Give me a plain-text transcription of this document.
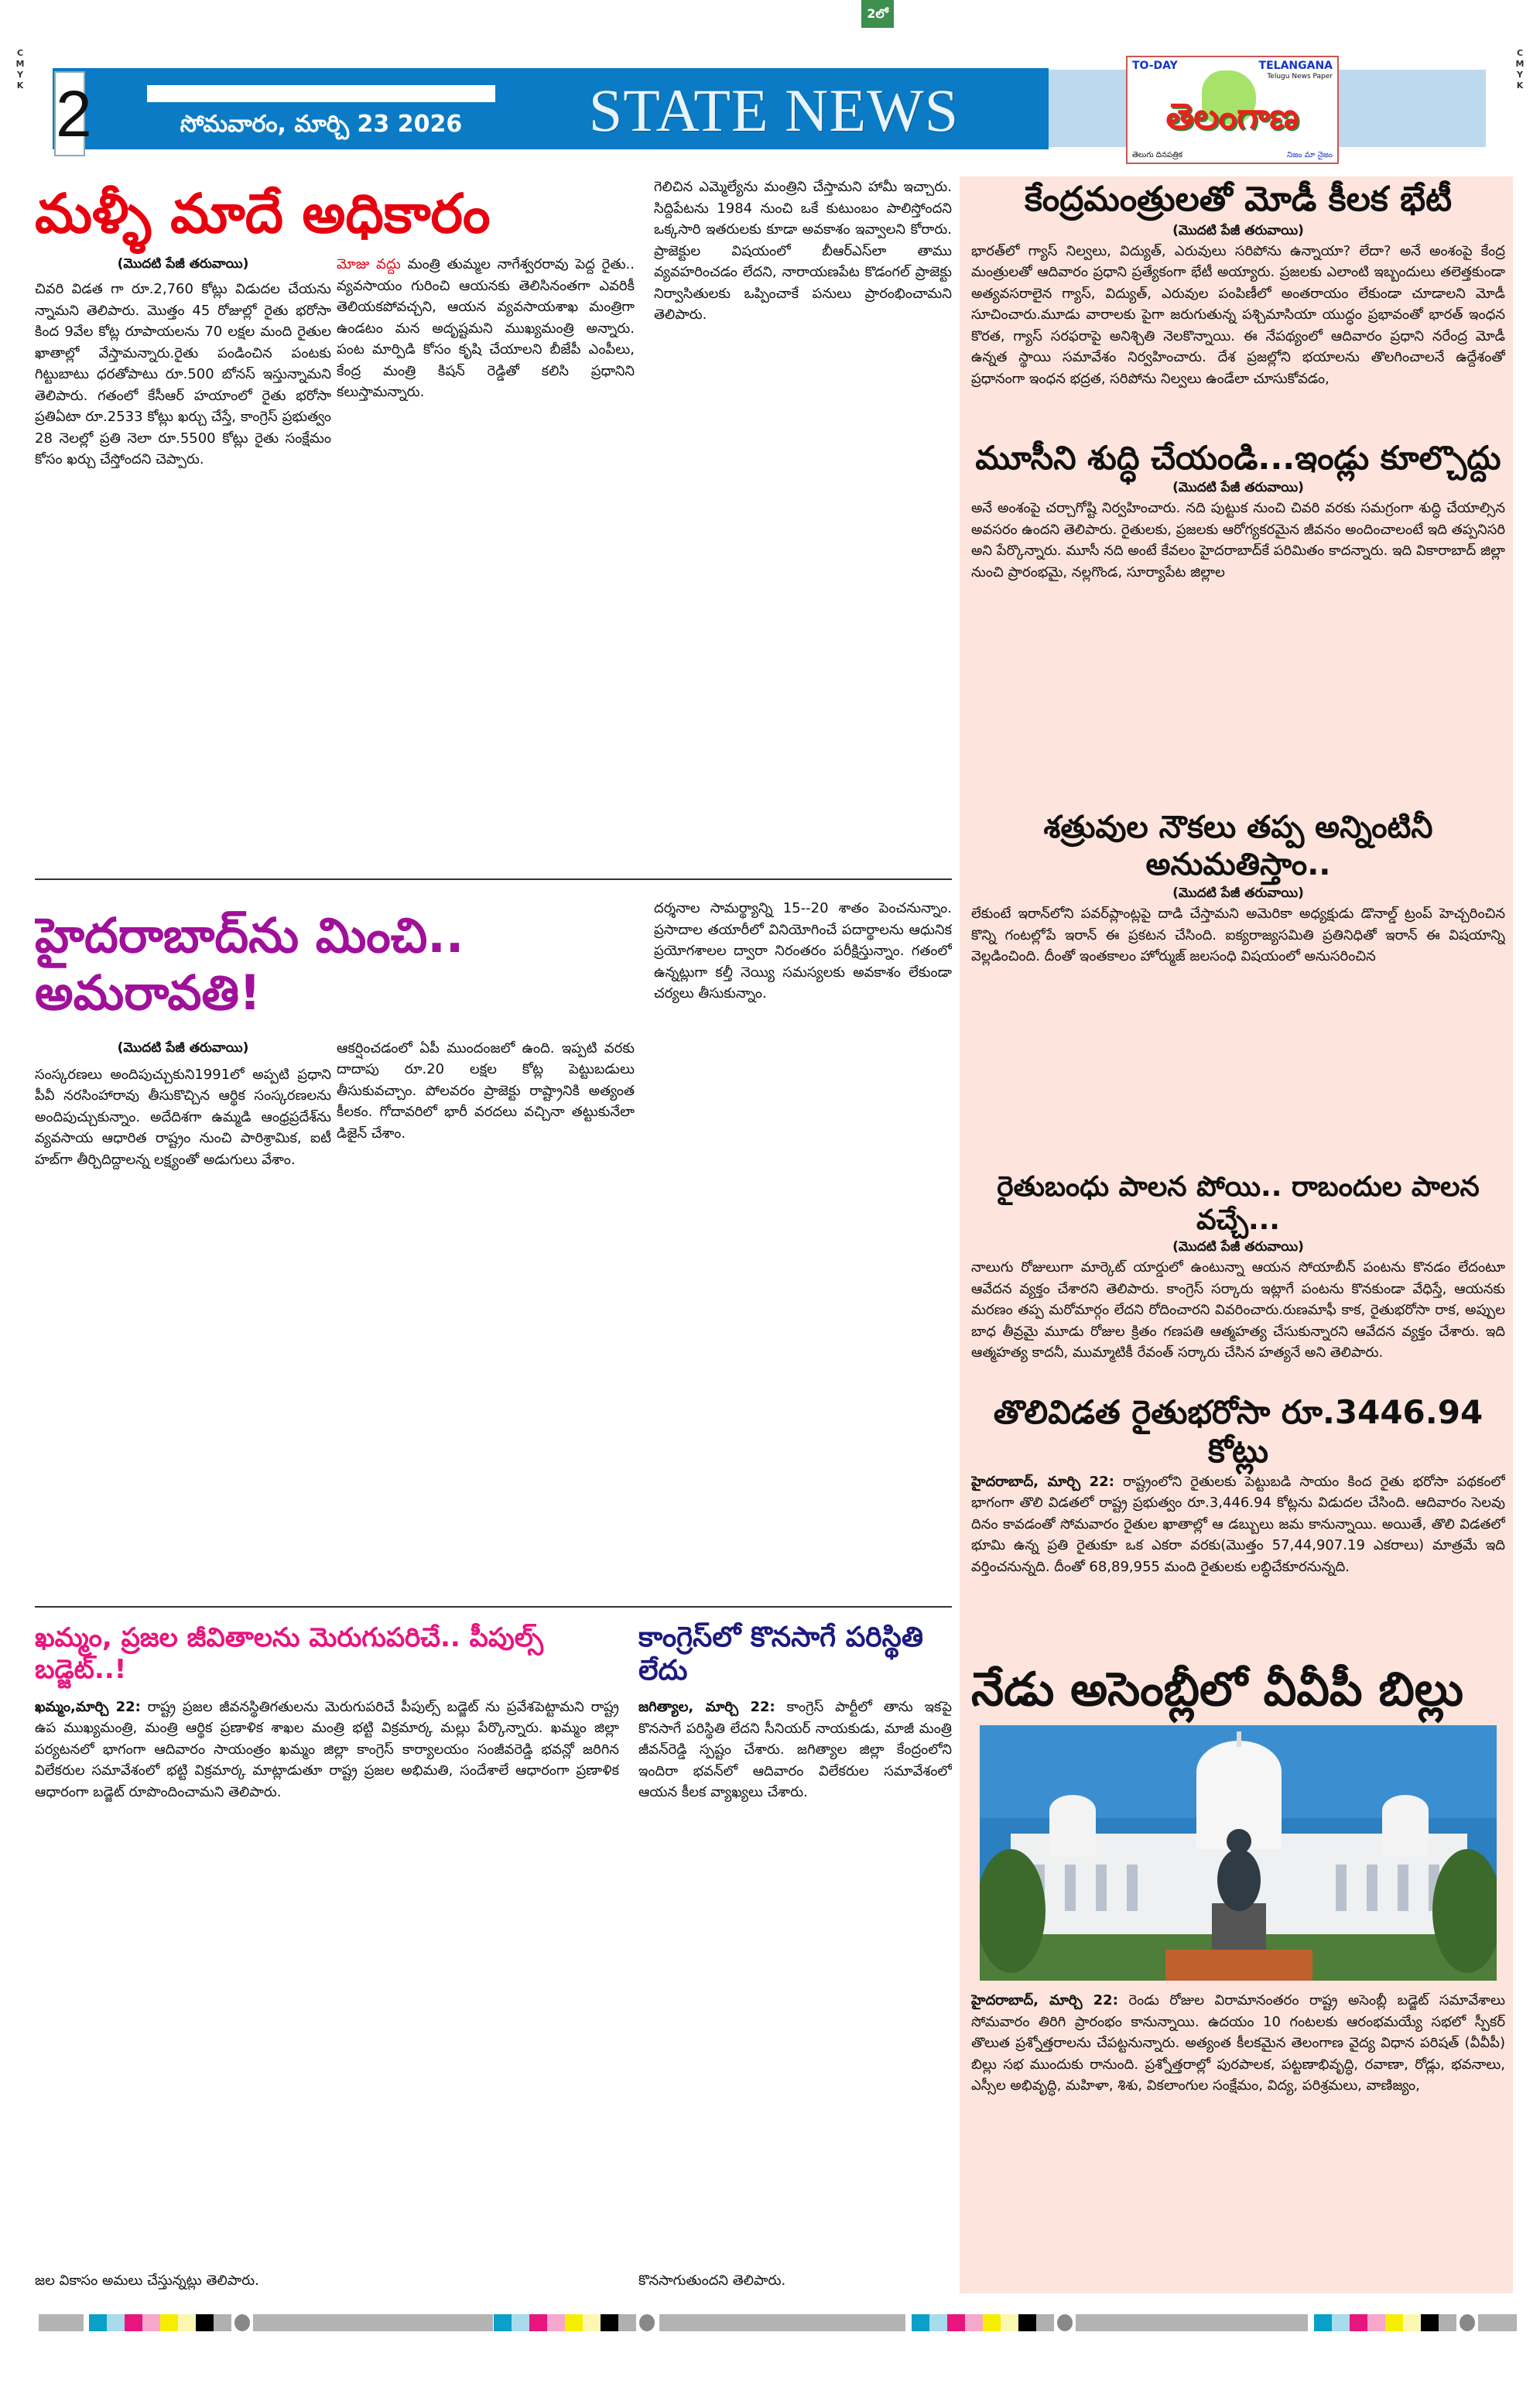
2లో
CMYK
CMYK
2	సోమవారం, మార్చి 23 2026	STATE NEWS
TO-DAY	TELANGANA
Telugu News Paper
తెలంగాణ
తెలుగు దినపత్రిక	నిజం మా నైజం
మళ్ళీ మాదే అధికారం
(మొదటి పేజీ తరువాయి)

చివరి విడత గా రూ.2,760 కోట్లు విడుదల చేయను న్నామని తెలిపారు. మొత్తం 45 రోజుల్లో రైతు భరోసా కింద 9వేల కోట్ల రూపాయలను 70 లక్షల మంది రైతుల ఖాతాల్లో వేస్తామన్నారు.రైతు పండించిన పంటకు గిట్టుబాటు ధరతోపాటు రూ.500 బోనస్ ఇస్తున్నామని తెలిపారు. గతంలో కేసీఆర్ హయాంలో రైతు భరోసా ప్రతిఏటా రూ.2533 కోట్లు ఖర్చు చేస్తే, కాంగ్రెస్ ప్రభుత్వం 28 నెలల్లో ప్రతి నెలా రూ.5500 కోట్లు రైతు సంక్షేమం కోసం ఖర్చు చేస్తోందని చెప్పారు.

మోజు వద్దు మంత్రి తుమ్మల నాగేశ్వరరావు పెద్ద రైతు.. వ్యవసాయం గురించి ఆయనకు తెలిసినంతగా ఎవరికీ తెలియకపోవచ్చని, ఆయన వ్యవసాయశాఖ మంత్రిగా ఉండటం మన అదృష్టమని ముఖ్యమంత్రి అన్నారు. పంట మార్పిడి కోసం కృషి చేయాలని బీజేపీ ఎంపీలు, కేంద్ర మంత్రి కిషన్ రెడ్డితో కలిసి ప్రధానిని కలుస్తామన్నారు.

గెలిచిన ఎమ్మెల్యేను మంత్రిని చేస్తామని హామీ ఇచ్చారు. సిద్దిపేటను 1984 నుంచి ఒకే కుటుంబం పాలిస్తోందని ఒక్కసారి ఇతరులకు కూడా అవకాశం ఇవ్వాలని కోరారు. ప్రాజెక్టుల విషయంలో బీఆర్ఎస్‌లా తాము వ్యవహరించడం లేదని, నారాయణపేట కొడంగల్ ప్రాజెక్టు నిర్వాసితులకు ఒప్పించాకే పనులు ప్రారంభించామని తెలిపారు.

హైదరాబాద్‌ను మించి.. అమరావతి!
(మొదటి పేజీ తరువాయి)

సంస్కరణలు అందిపుచ్చుకుని1991లో అప్పటి ప్రధాని పీవీ నరసింహారావు తీసుకొచ్చిన ఆర్థిక సంస్కరణలను అందిపుచ్చుకున్నాం. అదేదిశగా ఉమ్మడి ఆంధ్రప్రదేశ్‌ను వ్యవసాయ ఆధారిత రాష్ట్రం నుంచి పారిశ్రామిక, ఐటీ హబ్‌గా తీర్చిదిద్దాలన్న లక్ష్యంతో అడుగులు వేశాం.

ఆకర్షించడంలో ఏపీ ముందంజలో ఉంది. ఇప్పటి వరకు దాదాపు రూ.20 లక్షల కోట్ల పెట్టుబడులు తీసుకువచ్చాం. పోలవరం ప్రాజెక్టు రాష్ట్రానికి అత్యంత కీలకం. గోదావరిలో భారీ వరదలు వచ్చినా తట్టుకునేలా డిజైన్ చేశాం.

దర్శనాల సామర్థ్యాన్ని 15--20 శాతం పెంచనున్నాం. ప్రసాదాల తయారీలో వినియోగించే పదార్థాలను ఆధునిక ప్రయోగశాలల ద్వారా నిరంతరం పరీక్షిస్తున్నాం. గతంలో ఉన్నట్లుగా కల్తీ నెయ్యి సమస్యలకు అవకాశం లేకుండా చర్యలు తీసుకున్నాం.

ఖమ్మం, ప్రజల జీవితాలను మెరుగుపరిచే.. పీపుల్స్ బడ్జెట్..!

ఖమ్మం,మార్చి 22: రాష్ట్ర ప్రజల జీవనస్థితిగతులను మెరుగుపరిచే పీపుల్స్ బడ్జెట్ ను ప్రవేశపెట్టామని రాష్ట్ర ఉప ముఖ్యమంత్రి, మంత్రి ఆర్థిక ప్రణాళిక శాఖల మంత్రి భట్టి విక్రమార్క మల్లు పేర్కొన్నారు. ఖమ్మం జిల్లా పర్యటనలో భాగంగా ఆదివారం సాయంత్రం ఖమ్మం జిల్లా కాంగ్రెస్ కార్యాలయం సంజీవరెడ్డి భవన్లో జరిగిన విలేకరుల సమావేశంలో భట్టి విక్రమార్క మాట్లాడుతూ రాష్ట్ర ప్రజల అభిమతి, సందేశాలే ఆధారంగా ప్రణాళిక ఆధారంగా బడ్జెట్ రూపొందించామని తెలిపారు.

జల వికాసం అమలు చేస్తున్నట్లు తెలిపారు.

కాంగ్రెస్‌లో కొనసాగే పరిస్థితి లేదు

జగిత్యాల, మార్చి 22: కాంగ్రెస్ పార్టీలో తాను ఇకపై కొనసాగే పరిస్థితి లేదని సీనియర్ నాయకుడు, మాజీ మంత్రి జీవన్‌రెడ్డి స్పష్టం చేశారు. జగిత్యాల జిల్లా కేంద్రంలోని ఇందిరా భవన్‌లో ఆదివారం విలేకరుల సమావేశంలో ఆయన కీలక వ్యాఖ్యలు చేశారు.

కొనసాగుతుందని తెలిపారు.

కేంద్రమంత్రులతో మోడీ కీలక భేటీ
(మొదటి పేజీ తరువాయి)

భారత్‌లో గ్యాస్ నిల్వలు, విద్యుత్, ఎరువులు సరిపోను ఉన్నాయా? లేదా? అనే అంశంపై కేంద్ర మంత్రులతో ఆదివారం ప్రధాని ప్రత్యేకంగా భేటీ అయ్యారు. ప్రజలకు ఎలాంటి ఇబ్బందులు తలెత్తకుండా అత్యవసరాలైన గ్యాస్, విద్యుత్, ఎరువుల పంపిణీలో అంతరాయం లేకుండా చూడాలని మోడీ సూచించారు.మూడు వారాలకు పైగా జరుగుతున్న పశ్చిమాసియా యుద్ధం ప్రభావంతో భారత్ ఇంధన కొరత, గ్యాస్ సరఫరాపై అనిశ్చితి నెలకొన్నాయి. ఈ నేపథ్యంలో ఆదివారం ప్రధాని నరేంద్ర మోడీ ఉన్నత స్థాయి సమావేశం నిర్వహించారు. దేశ ప్రజల్లోని భయాలను తొలగించాలనే ఉద్దేశంతో ప్రధానంగా ఇంధన భద్రత, సరిపోను నిల్వలు ఉండేలా చూసుకోవడం,

మూసీని శుద్ధి చేయండి...ఇండ్లు కూల్చొద్దు
(మొదటి పేజీ తరువాయి)

అనే అంశంపై చర్చాగోష్టి నిర్వహించారు. నది పుట్టుక నుంచి చివరి వరకు సమగ్రంగా శుద్ధి చేయాల్సిన అవసరం ఉందని తెలిపారు. రైతులకు, ప్రజలకు ఆరోగ్యకరమైన జీవనం అందించాలంటే ఇది తప్పనిసరి అని పేర్కొన్నారు. మూసీ నది అంటే కేవలం హైదరాబాద్‌కే పరిమితం కాదన్నారు. ఇది వికారాబాద్ జిల్లా నుంచి ప్రారంభమై, నల్లగొండ, సూర్యాపేట జిల్లాల

శత్రువుల నౌకలు తప్ప అన్నింటినీ అనుమతిస్తాం..
(మొదటి పేజీ తరువాయి)

లేకుంటే ఇరాన్‌లోని పవర్‌ప్లాంట్లపై దాడి చేస్తామని అమెరికా అధ్యక్షుడు డొనాల్డ్ ట్రంప్ హెచ్చరించిన కొన్ని గంటల్లోపే ఇరాన్ ఈ ప్రకటన చేసింది. ఐక్యరాజ్యసమితి ప్రతినిధితో ఇరాన్ ఈ విషయాన్ని వెల్లడించింది. దీంతో ఇంతకాలం హోర్ముజ్ జలసంధి విషయంలో అనుసరించిన

రైతుబంధు పాలన పోయి.. రాబందుల పాలన వచ్చే...
(మొదటి పేజీ తరువాయి)

నాలుగు రోజులుగా మార్కెట్ యార్డులో ఉంటున్నా ఆయన సోయాబీన్ పంటను కొనడం లేదంటూ ఆవేదన వ్యక్తం చేశారని తెలిపారు. కాంగ్రెస్ సర్కారు ఇట్లాగే పంటను కొనకుండా వేధిస్తే, ఆయనకు మరణం తప్ప మరోమార్గం లేదని రోదించారని వివరించారు.రుణమాఫీ కాక, రైతుభరోసా రాక, అప్పుల బాధ తీవ్రమై మూడు రోజుల క్రితం గణపతి ఆత్మహత్య చేసుకున్నారని ఆవేదన వ్యక్తం చేశారు. ఇది ఆత్మహత్య కాదనీ, ముమ్మాటికీ రేవంత్ సర్కారు చేసిన హత్యనే అని తెలిపారు.

తొలివిడత రైతుభరోసా రూ.3446.94 కోట్లు

హైదరాబాద్, మార్చి 22: రాష్ట్రంలోని రైతులకు పెట్టుబడి సాయం కింద రైతు భరోసా పథకంలో భాగంగా తొలి విడతలో రాష్ట్ర ప్రభుత్వం రూ.3,446.94 కోట్లను విడుదల చేసింది. ఆదివారం సెలవు దినం కావడంతో సోమవారం రైతుల ఖాతాల్లో ఆ డబ్బులు జమ కానున్నాయి. అయితే, తొలి విడతలో భూమి ఉన్న ప్రతి రైతుకూ ఒక ఎకరా వరకు(మొత్తం 57,44,907.19 ఎకరాలు) మాత్రమే ఇది వర్తించనున్నది. దీంతో 68,89,955 మంది రైతులకు లబ్ధిచేకూరనున్నది.

నేడు అసెంబ్లీలో వీవీపీ బిల్లు

హైదరాబాద్, మార్చి 22: రెండు రోజుల విరామానంతరం రాష్ట్ర అసెంబ్లీ బడ్జెట్ సమావేశాలు సోమవారం తిరిగి ప్రారంభం కానున్నాయి. ఉదయం 10 గంటలకు ఆరంభమయ్యే సభలో స్పీకర్ తొలుత ప్రశ్నోత్తరాలను చేపట్టనున్నారు. అత్యంత కీలకమైన తెలంగాణ వైద్య విధాన పరిషత్ (వీవీపీ) బిల్లు సభ ముందుకు రానుంది. ప్రశ్నోత్తరాల్లో పురపాలక, పట్టణాభివృద్ధి, రవాణా, రోడ్లు, భవనాలు, ఎస్సీల అభివృద్ధి, మహిళా, శిశు, వికలాంగుల సంక్షేమం, విద్య, పరిశ్రమలు, వాణిజ్యం,
